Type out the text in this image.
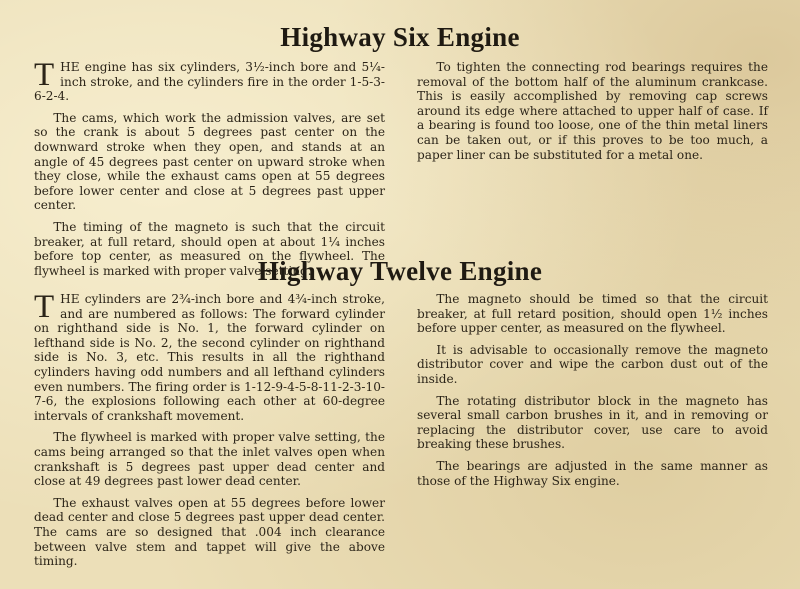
Highway Six Engine

THE engine has six cylinders, 3½-inch bore and 5¼-inch stroke, and the cylinders fire in the order 1-5-3-6-2-4.

The cams, which work the admission valves, are set so the crank is about 5 degrees past center on the downward stroke when they open, and stands at an angle of 45 degrees past center on upward stroke when they close, while the exhaust cams open at 55 degrees before lower center and close at 5 degrees past upper center.

The timing of the magneto is such that the circuit breaker, at full retard, should open at about 1¼ inches before top center, as measured on the flywheel. The flywheel is marked with proper valve setting.

To tighten the connecting rod bearings requires the removal of the bottom half of the aluminum crankcase. This is easily accomplished by removing cap screws around its edge where attached to upper half of case. If a bearing is found too loose, one of the thin metal liners can be taken out, or if this proves to be too much, a paper liner can be substituted for a metal one.

Highway Twelve Engine

THE cylinders are 2¾-inch bore and 4¾-inch stroke, and are numbered as follows: The forward cylinder on righthand side is No. 1, the forward cylinder on lefthand side is No. 2, the second cylinder on righthand side is No. 3, etc. This results in all the righthand cylinders having odd numbers and all lefthand cylinders even numbers. The firing order is 1-12-9-4-5-8-11-2-3-10-7-6, the explosions following each other at 60-degree intervals of crankshaft movement.

The flywheel is marked with proper valve setting, the cams being arranged so that the inlet valves open when crankshaft is 5 degrees past upper dead center and close at 49 degrees past lower dead center.

The exhaust valves open at 55 degrees before lower dead center and close 5 degrees past upper dead center. The cams are so designed that .004 inch clearance between valve stem and tappet will give the above timing.

The magneto should be timed so that the circuit breaker, at full retard position, should open 1½ inches before upper center, as measured on the flywheel.

It is advisable to occasionally remove the magneto distributor cover and wipe the carbon dust out of the inside.

The rotating distributor block in the magneto has several small carbon brushes in it, and in removing or replacing the distributor cover, use care to avoid breaking these brushes.

The bearings are adjusted in the same manner as those of the Highway Six engine.
